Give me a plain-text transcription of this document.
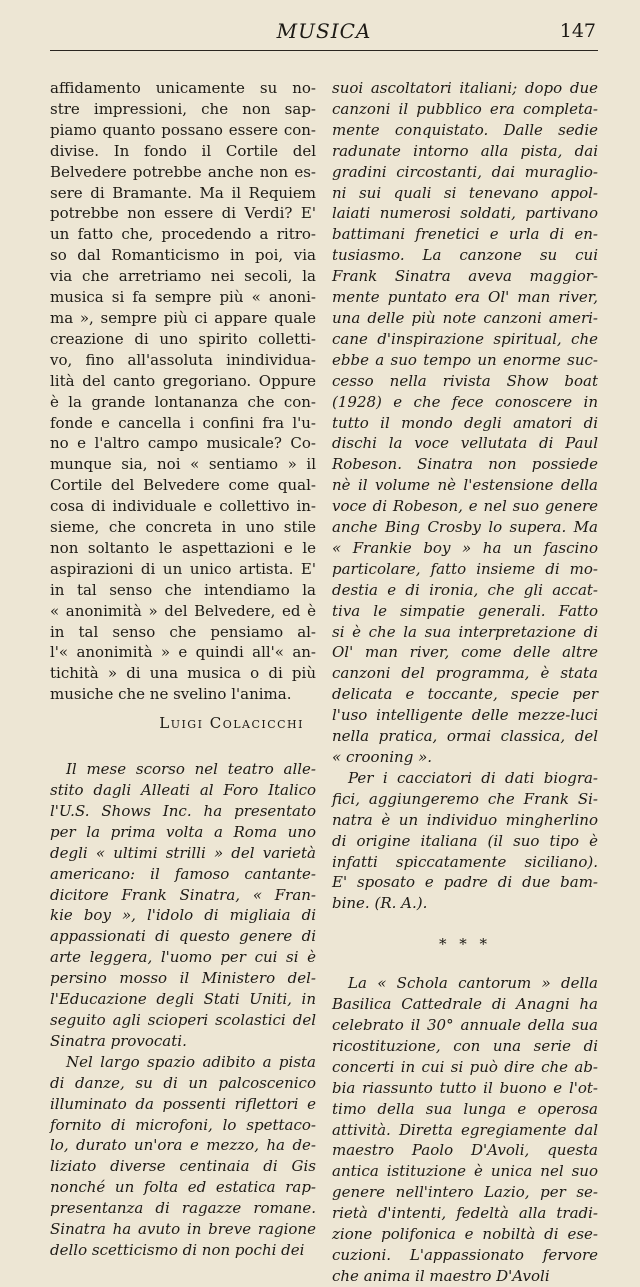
MUSICA	147
affidamento unicamente su no-
stre impressioni, che non sap-
piamo quanto possano essere con-
divise. In fondo il Cortile del
Belvedere potrebbe anche non es-
sere di Bramante. Ma il Requiem
potrebbe non essere di Verdi? E'
un fatto che, procedendo a ritro-
so dal Romanticismo in poi, via
via che arretriamo nei secoli, la
musica si fa sempre più « anoni-
ma », sempre più ci appare quale
creazione di uno spirito colletti-
vo, fino all'assoluta inindividua-
lità del canto gregoriano. Oppure
è la grande lontananza che con-
fonde e cancella i confini fra l'u-
no e l'altro campo musicale? Co-
munque sia, noi « sentiamo » il
Cortile del Belvedere come qual-
cosa di individuale e collettivo in-
sieme, che concreta in uno stile
non soltanto le aspettazioni e le
aspirazioni di un unico artista. E'
in tal senso che intendiamo la
« anonimità » del Belvedere, ed è
in tal senso che pensiamo al-
l'« anonimità » e quindi all'« an-
tichità » di una musica o di più
musiche che ne svelino l'anima.
Luigi Colacicchi
Il mese scorso nel teatro alle-
stito dagli Alleati al Foro Italico
l'U.S. Shows Inc. ha presentato
per la prima volta a Roma uno
degli « ultimi strilli » del varietà
americano: il famoso cantante-
dicitore Frank Sinatra, « Fran-
kie boy », l'idolo di migliaia di
appassionati di questo genere di
arte leggera, l'uomo per cui si è
persino mosso il Ministero del-
l'Educazione degli Stati Uniti, in
seguito agli scioperi scolastici del
Sinatra provocati.
Nel largo spazio adibito a pista
di danze, su di un palcoscenico
illuminato da possenti riflettori e
fornito di microfoni, lo spettaco-
lo, durato un'ora e mezzo, ha de-
liziato diverse centinaia di Gis
nonché un folta ed estatica rap-
presentanza di ragazze romane.
Sinatra ha avuto in breve ragione
dello scetticismo di non pochi dei
suoi ascoltatori italiani; dopo due
canzoni il pubblico era completa-
mente conquistato. Dalle sedie
radunate intorno alla pista, dai
gradini circostanti, dai muraglio-
ni sui quali si tenevano appol-
laiati numerosi soldati, partivano
battimani frenetici e urla di en-
tusiasmo. La canzone su cui
Frank Sinatra aveva maggior-
mente puntato era Ol' man river,
una delle più note canzoni ameri-
cane d'inspirazione spiritual, che
ebbe a suo tempo un enorme suc-
cesso nella rivista Show boat
(1928) e che fece conoscere in
tutto il mondo degli amatori di
dischi la voce vellutata di Paul
Robeson. Sinatra non possiede
nè il volume nè l'estensione della
voce di Robeson, e nel suo genere
anche Bing Crosby lo supera. Ma
« Frankie boy » ha un fascino
particolare, fatto insieme di mo-
destia e di ironia, che gli accat-
tiva le simpatie generali. Fatto
si è che la sua interpretazione di
Ol' man river, come delle altre
canzoni del programma, è stata
delicata e toccante, specie per
l'uso intelligente delle mezze-luci
nella pratica, ormai classica, del
« crooning ».
Per i cacciatori di dati biogra-
fici, aggiungeremo che Frank Si-
natra è un individuo mingherlino
di origine italiana (il suo tipo è
infatti spiccatamente siciliano).
E' sposato e padre di due bam-
bine. (R. A.).
* * *
La « Schola cantorum » della
Basilica Cattedrale di Anagni ha
celebrato il 30° annuale della sua
ricostituzione, con una serie di
concerti in cui si può dire che ab-
bia riassunto tutto il buono e l'ot-
timo della sua lunga e operosa
attività. Diretta egregiamente dal
maestro Paolo D'Avoli, questa
antica istituzione è unica nel suo
genere nell'intero Lazio, per se-
rietà d'intenti, fedeltà alla tradi-
zione polifonica e nobiltà di ese-
cuzioni. L'appassionato fervore
che anima il maestro D'Avoli
